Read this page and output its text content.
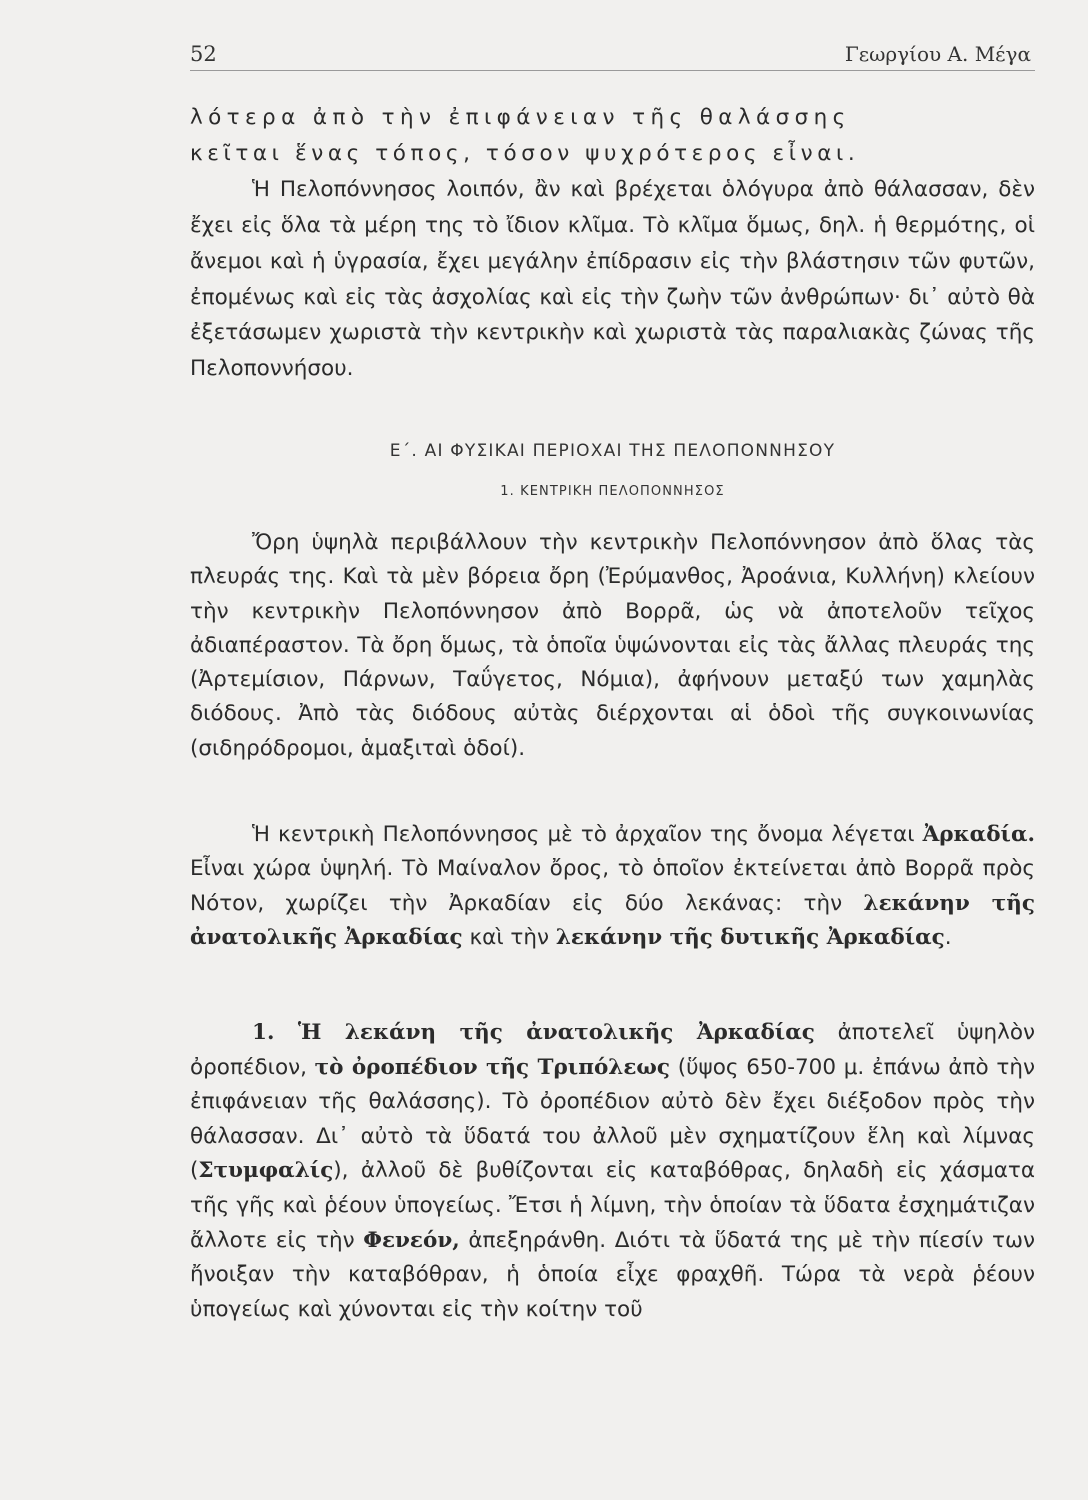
52	Γεωργίου Α. Μέγα

λότερα ἀπὸ τὴν ἐπιφάνειαν τῆς θαλάσσης

κεῖται ἕνας τόπος, τόσον ψυχρότερος εἶναι.

Ἡ Πελοπόννησος λοιπόν, ἂν καὶ βρέχεται ὁλόγυρα ἀπὸ θάλασσαν, δὲν ἔχει εἰς ὅλα τὰ μέρη της τὸ ἴδιον κλῖμα. Τὸ κλῖμα ὅμως, δηλ. ἡ θερμότης, οἱ ἄνεμοι καὶ ἡ ὑγρασία, ἔχει μεγάλην ἐπίδρασιν εἰς τὴν βλάστησιν τῶν φυτῶν, ἐπομένως καὶ εἰς τὰς ἀσχολίας καὶ εἰς τὴν ζωὴν τῶν ἀνθρώπων· δι᾽ αὐτὸ θὰ ἐξετάσωμεν χωριστὰ τὴν κεντρικὴν καὶ χωριστὰ τὰς παραλιακὰς ζώνας τῆς Πελοποννήσου.

Ε΄. ΑΙ ΦΥΣΙΚΑΙ ΠΕΡΙΟΧΑΙ ΤΗΣ ΠΕΛΟΠΟΝΝΗΣΟΥ
1. ΚΕΝΤΡΙΚΗ ΠΕΛΟΠΟΝΝΗΣΟΣ

Ὄρη ὑψηλὰ περιβάλλουν τὴν κεντρικὴν Πελοπόννησον ἀπὸ ὅλας τὰς πλευράς της. Καὶ τὰ μὲν βόρεια ὄρη (Ἐρύμανθος, Ἀροάνια, Κυλλήνη) κλείουν τὴν κεντρικὴν Πελοπόννησον ἀπὸ Βορρᾶ, ὡς νὰ ἀποτελοῦν τεῖχος ἀδιαπέραστον. Τὰ ὄρη ὅμως, τὰ ὁποῖα ὑψώνονται εἰς τὰς ἄλλας πλευράς της (Ἀρτεμίσιον, Πάρνων, Ταΰγετος, Νόμια), ἀφήνουν μεταξύ των χαμηλὰς διόδους. Ἀπὸ τὰς διόδους αὐτὰς διέρχονται αἱ ὁδοὶ τῆς συγκοινωνίας (σιδηρόδρομοι, ἁμαξιταὶ ὁδοί).

Ἡ κεντρικὴ Πελοπόννησος μὲ τὸ ἀρχαῖον της ὄνομα λέγεται Ἀρκαδία. Εἶναι χώρα ὑψηλή. Τὸ Μαίναλον ὄρος, τὸ ὁποῖον ἐκτείνεται ἀπὸ Βορρᾶ πρὸς Νότον, χωρίζει τὴν Ἀρκαδίαν εἰς δύο λεκάνας: τὴν λεκάνην τῆς ἀνατολικῆς Ἀρκαδίας καὶ τὴν λεκάνην τῆς δυτικῆς Ἀρκαδίας.

1. Ἡ λεκάνη τῆς ἀνατολικῆς Ἀρκαδίας ἀποτελεῖ ὑψηλὸν ὀροπέδιον, τὸ ὀροπέδιον τῆς Τριπόλεως (ὕψος 650-700 μ. ἐπάνω ἀπὸ τὴν ἐπιφάνειαν τῆς θαλάσσης). Τὸ ὀροπέδιον αὐτὸ δὲν ἔχει διέξοδον πρὸς τὴν θάλασσαν. Δι᾽ αὐτὸ τὰ ὕδατά του ἀλλοῦ μὲν σχηματίζουν ἕλη καὶ λίμνας (Στυμφαλίς), ἀλλοῦ δὲ βυθίζονται εἰς καταβόθρας, δηλαδὴ εἰς χάσματα τῆς γῆς καὶ ῥέουν ὑπογείως. Ἔτσι ἡ λίμνη, τὴν ὁποίαν τὰ ὕδατα ἐσχημάτιζαν ἄλλοτε εἰς τὴν Φενεόν, ἀπεξηράνθη. Διότι τὰ ὕδατά της μὲ τὴν πίεσίν των ἤνοιξαν τὴν καταβόθραν, ἡ ὁποία εἶχε φραχθῆ. Τώρα τὰ νερὰ ῥέουν ὑπογείως καὶ χύνονται εἰς τὴν κοίτην τοῦ
